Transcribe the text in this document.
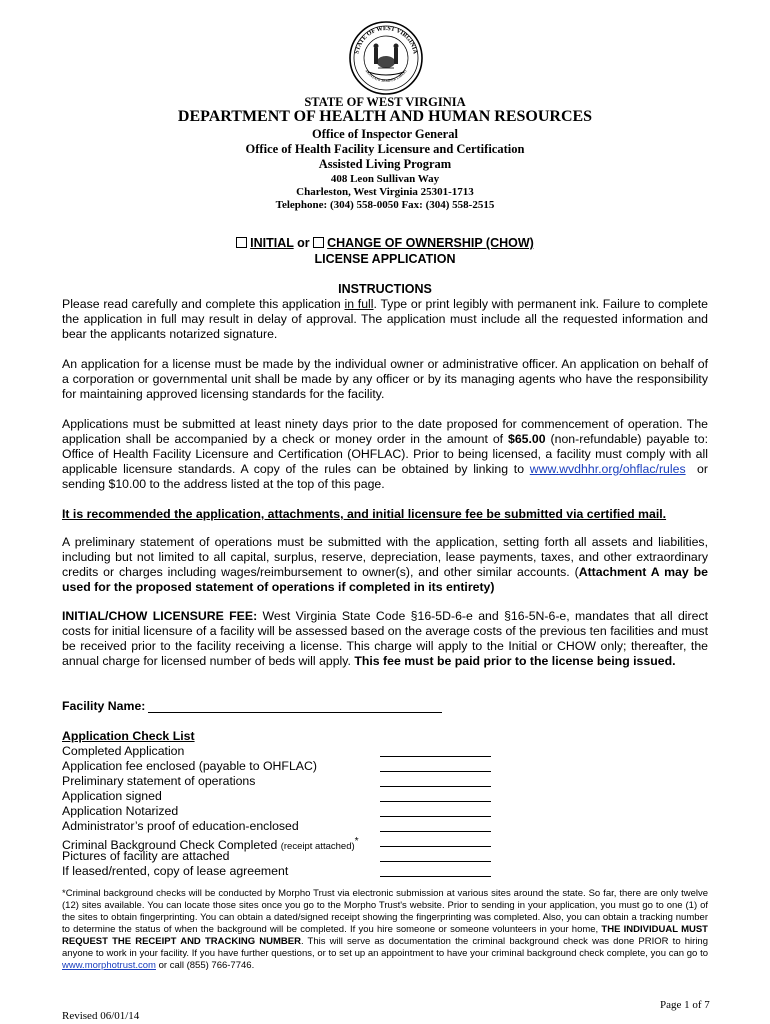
STATE OF WEST VIRGINIA
MONTANI SEMPER LIBERI
STATE OF WEST VIRGINIA
DEPARTMENT OF HEALTH AND HUMAN RESOURCES
Office of Inspector General
Office of Health Facility Licensure and Certification
Assisted Living Program
408 Leon Sullivan Way
Charleston, West Virginia 25301-1713
Telephone: (304) 558-0050 Fax: (304) 558-2515
INITIAL or CHANGE OF OWNERSHIP (CHOW)
LICENSE APPLICATION
INSTRUCTIONS
Please read carefully and complete this application in full. Type or print legibly with permanent ink. Failure to complete the application in full may result in delay of approval. The application must include all the requested information and bear the applicants notarized signature.
An application for a license must be made by the individual owner or administrative officer. An application on behalf of a corporation or governmental unit shall be made by any officer or by its managing agents who have the responsibility for maintaining approved licensing standards for the facility.
Applications must be submitted at least ninety days prior to the date proposed for commencement of operation. The application shall be accompanied by a check or money order in the amount of $65.00 (non-refundable) payable to: Office of Health Facility Licensure and Certification (OHFLAC). Prior to being licensed, a facility must comply with all applicable licensure standards. A copy of the rules can be obtained by linking to www.wvdhhr.org/ohflac/rules  or sending $10.00 to the address listed at the top of this page.
It is recommended the application, attachments, and initial licensure fee be submitted via certified mail.
A preliminary statement of operations must be submitted with the application, setting forth all assets and liabilities, including but not limited to all capital, surplus, reserve, depreciation, lease payments, taxes, and other extraordinary credits or charges including wages/reimbursement to owner(s), and other similar accounts. (Attachment A may be used for the proposed statement of operations if completed in its entirety)
INITIAL/CHOW LICENSURE FEE: West Virginia State Code §16-5D-6-e and §16-5N-6-e, mandates that all direct costs for initial licensure of a facility will be assessed based on the average costs of the previous ten facilities and must be received prior to the facility receiving a license. This charge will apply to the Initial or CHOW only; thereafter, the annual charge for licensed number of beds will apply. This fee must be paid prior to the license being issued.
Facility Name:
Application Check List
Completed Application
Application fee enclosed (payable to OHFLAC)
Preliminary statement of operations
Application signed
Application Notarized
Administrator’s proof of education-enclosed
Criminal Background Check Completed (receipt attached)*
Pictures of facility are attached
If leased/rented, copy of lease agreement
*Criminal background checks will be conducted by Morpho Trust via electronic submission at various sites around the state. So far, there are only twelve (12) sites available. You can locate those sites once you go to the Morpho Trust's website. Prior to sending in your application, you must go to one (1) of the sites to obtain fingerprinting. You can obtain a dated/signed receipt showing the fingerprinting was completed. Also, you can obtain a tracking number to determine the status of when the background will be completed. If you hire someone or someone volunteers in your home, THE INDIVIDUAL MUST REQUEST THE RECEIPT AND TRACKING NUMBER. This will serve as documentation the criminal background check was done PRIOR to hiring anyone to work in your facility. If you have further questions, or to set up an appointment to have your criminal background check complete, you can go to www.morphotrust.com or call (855) 766-7746.
Page 1 of 7
Revised 06/01/14
